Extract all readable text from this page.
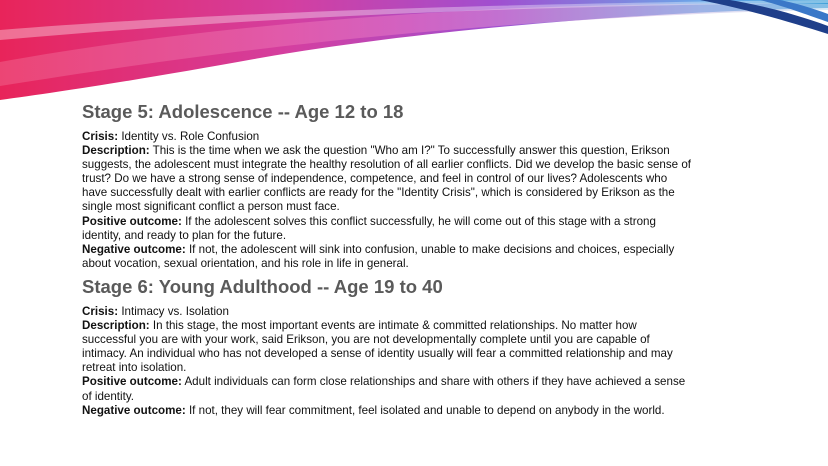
Stage 5: Adolescence -- Age 12 to 18

Crisis: Identity vs. Role Confusion

Description: This is the time when we ask the question "Who am I?" To successfully answer this question, Erikson suggests, the adolescent must integrate the healthy resolution of all earlier conflicts. Did we develop the basic sense of trust? Do we have a strong sense of independence, competence, and feel in control of our lives? Adolescents who have successfully dealt with earlier conflicts are ready for the "Identity Crisis", which is considered by Erikson as the single most significant conflict a person must face.

Positive outcome: If the adolescent solves this conflict successfully, he will come out of this stage with a strong identity, and ready to plan for the future.

Negative outcome: If not, the adolescent will sink into confusion, unable to make decisions and choices, especially about vocation, sexual orientation, and his role in life in general.

Stage 6: Young Adulthood -- Age 19 to 40

Crisis: Intimacy vs. Isolation

Description: In this stage, the most important events are intimate & committed relationships. No matter how successful you are with your work, said Erikson, you are not developmentally complete until you are capable of intimacy. An individual who has not developed a sense of identity usually will fear a committed relationship and may retreat into isolation.

Positive outcome: Adult individuals can form close relationships and share with others if they have achieved a sense of identity.

Negative outcome: If not, they will fear commitment, feel isolated and unable to depend on anybody in the world.
